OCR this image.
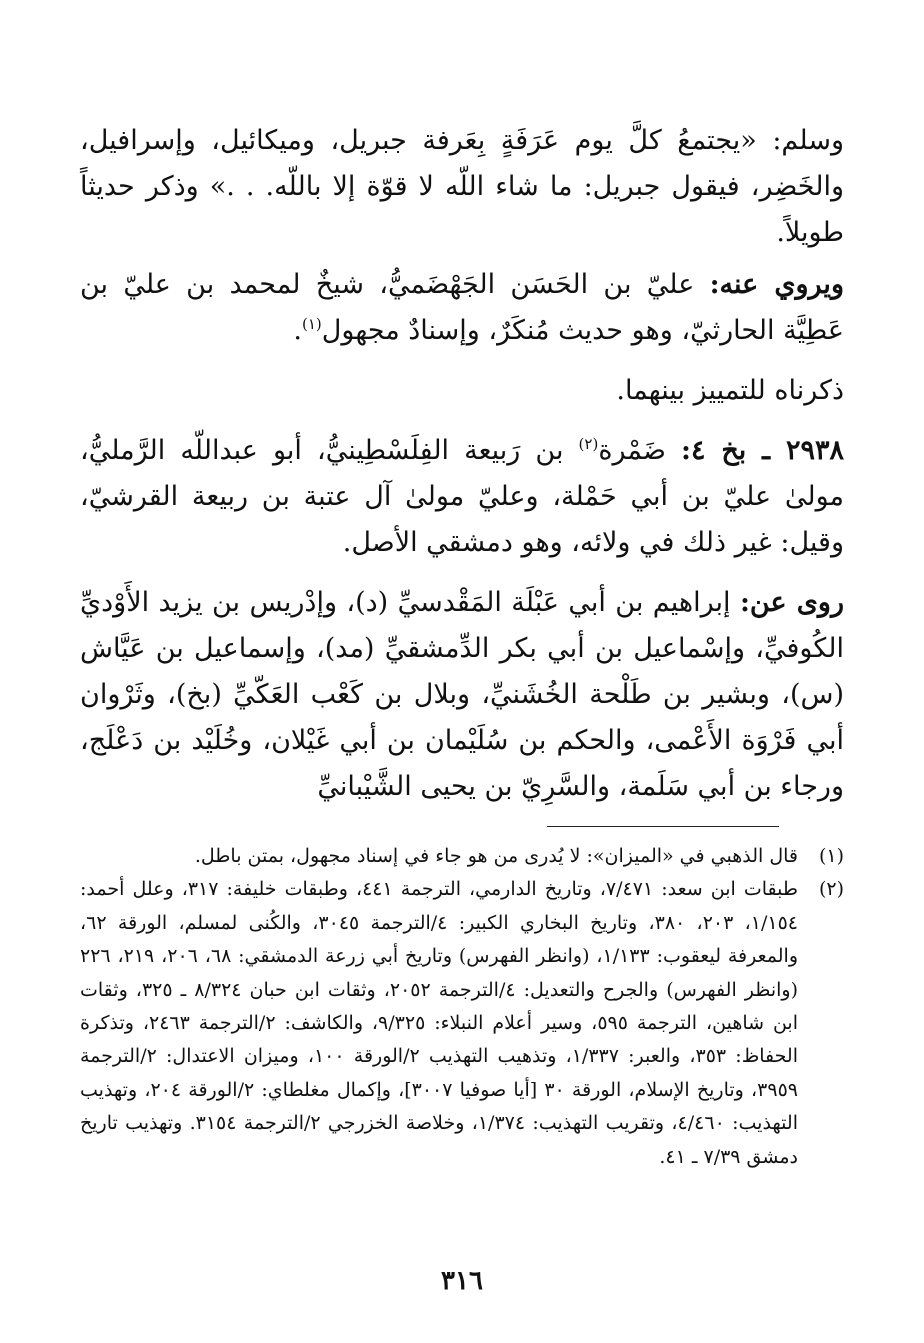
وسلم: «يجتمعُ كلَّ يوم عَرَفَةٍ بِعَرفة جبريل، وميكائيل، وإسرافيل، والخَضِر، فيقول جبريل: ما شاء اللّه لا قوّة إلا باللّه. . .» وذكر حديثاً طويلاً.

ويروي عنه: عليّ بن الحَسَن الجَهْضَميُّ، شيخٌ لمحمد بن عليّ بن عَطِيَّة الحارثيّ، وهو حديث مُنكَرٌ، وإسنادٌ مجهول$^{(١)}$.

ذكرناه للتمييز بينهما.

٢٩٣٨ ـ بخ ٤: ضَمْرة$^{(٢)}$ بن رَبيعة الفِلَسْطِينيُّ، أبو عبداللّه الرَّمليُّ، مولىٰ عليّ بن أبي حَمْلة، وعليّ مولىٰ آل عتبة بن ربيعة القرشيّ، وقيل: غير ذلك في ولائه، وهو دمشقي الأصل.

روى عن: إبراهيم بن أبي عَبْلَة المَقْدسيِّ (د)، وإدْريس بن يزيد الأَوْديِّ الكُوفيِّ، وإسْماعيل بن أبي بكر الدِّمشقيِّ (مد)، وإسماعيل بن عَيَّاش (س)، وبشير بن طَلْحة الخُشَنيِّ، وبلال بن كَعْب العَكّيِّ (بخ)، وثَرْوان أبي فَرْوَة الأَعْمى، والحكم بن سُلَيْمان بن أبي غَيْلان، وخُلَيْد بن دَعْلَج، ورجاء بن أبي سَلَمة، والسَّرِيّ بن يحيى الشَّيْبانيِّ

(١)
قال الذهبي في «الميزان»: لا يُدرى من هو جاء في إسناد مجهول، بمتن باطل.
(٢)
طبقات ابن سعد: ٧/٤٧١، وتاريخ الدارمي، الترجمة ٤٤١، وطبقات خليفة: ٣١٧، وعلل أحمد: ١/١٥٤، ٢٠٣، ٣٨٠، وتاريخ البخاري الكبير: ٤/الترجمة ٣٠٤٥، والكُنى لمسلم، الورقة ٦٢، والمعرفة ليعقوب: ١/١٣٣، (وانظر الفهرس) وتاريخ أبي زرعة الدمشقي: ٦٨، ٢٠٦، ٢١٩، ٢٢٦ (وانظر الفهرس) والجرح والتعديل: ٤/الترجمة ٢٠٥٢، وثقات ابن حبان ٨/٣٢٤ ـ ٣٢٥، وثقات ابن شاهين، الترجمة ٥٩٥، وسير أعلام النبلاء: ٩/٣٢٥، والكاشف: ٢/الترجمة ٢٤٦٣، وتذكرة الحفاظ: ٣٥٣، والعبر: ١/٣٣٧، وتذهيب التهذيب ٢/الورقة ١٠٠، وميزان الاعتدال: ٢/الترجمة ٣٩٥٩، وتاريخ الإسلام، الورقة ٣٠ [أيا صوفيا ٣٠٠٧]، وإكمال مغلطاي: ٢/الورقة ٢٠٤، وتهذيب التهذيب: ٤/٤٦٠، وتقريب التهذيب: ١/٣٧٤، وخلاصة الخزرجي ٢/الترجمة ٣١٥٤. وتهذيب تاريخ دمشق ٧/٣٩ ـ ٤١.
٣١٦
